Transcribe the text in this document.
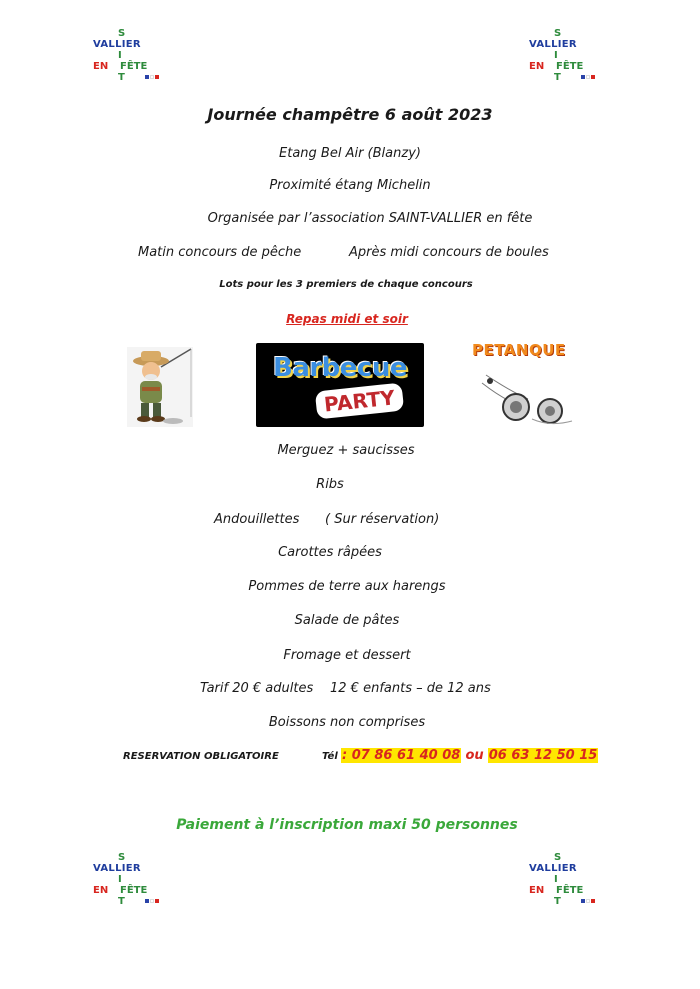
S
VALLIER
I
EN FÊTE
T
S
VALLIER
I
EN FÊTE
T
S
VALLIER
I
EN FÊTE
T
S
VALLIER
I
EN FÊTE
T
Journée champêtre 6 août 2023
Etang Bel Air (Blanzy)
Proximité étang Michelin
Organisée par l’association SAINT-VALLIER en fête
Matin concours de pêche	Après midi concours de boules
Lots pour les 3 premiers de chaque concours
Repas midi et soir
Barbecue
PARTY
PETANQUE
Merguez + saucisses
Ribs
Andouillettes ( Sur réservation)
Carottes râpées
Pommes de terre aux harengs
Salade de pâtes
Fromage et dessert
Tarif 20 € adultes 12 € enfants – de 12 ans
Boissons non comprises
RESERVATION OBLIGATOIRE	Tél : 07 86 61 40 08 ou 06 63 12 50 15
Paiement à l’inscription maxi 50 personnes
